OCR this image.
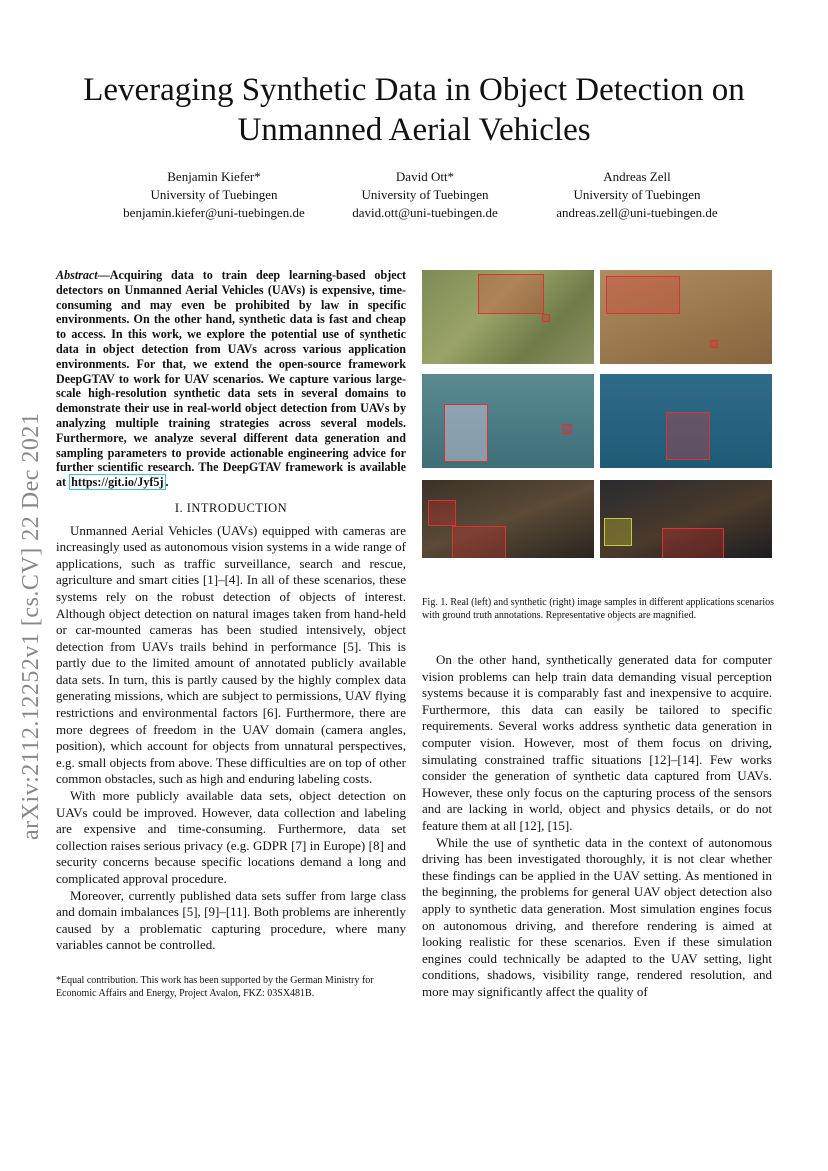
Leveraging Synthetic Data in Object Detection on Unmanned Aerial Vehicles
Benjamin Kiefer*
University of Tuebingen
benjamin.kiefer@uni-tuebingen.de
David Ott*
University of Tuebingen
david.ott@uni-tuebingen.de
Andreas Zell
University of Tuebingen
andreas.zell@uni-tuebingen.de
arXiv:2112.12252v1 [cs.CV] 22 Dec 2021

Abstract—Acquiring data to train deep learning-based object detectors on Unmanned Aerial Vehicles (UAVs) is expensive, time-consuming and may even be prohibited by law in specific environments. On the other hand, synthetic data is fast and cheap to access. In this work, we explore the potential use of synthetic data in object detection from UAVs across various application environments. For that, we extend the open-source framework DeepGTAV to work for UAV scenarios. We capture various large-scale high-resolution synthetic data sets in several domains to demonstrate their use in real-world object detection from UAVs by analyzing multiple training strategies across several models. Furthermore, we analyze several different data generation and sampling parameters to provide actionable engineering advice for further scientific research. The DeepGTAV framework is available at https://git.io/Jyf5j .

I. INTRODUCTION

Unmanned Aerial Vehicles (UAVs) equipped with cameras are increasingly used as autonomous vision systems in a wide range of applications, such as traffic surveillance, search and rescue, agriculture and smart cities [1]–[4]. In all of these scenarios, these systems rely on the robust detection of objects of interest. Although object detection on natural images taken from hand-held or car-mounted cameras has been studied intensively, object detection from UAVs trails behind in performance [5]. This is partly due to the limited amount of annotated publicly available data sets. In turn, this is partly caused by the highly complex data generating missions, which are subject to permissions, UAV flying restrictions and environmental factors [6]. Furthermore, there are more degrees of freedom in the UAV domain (camera angles, position), which account for objects from unnatural perspectives, e.g. small objects from above. These difficulties are on top of other common obstacles, such as high and enduring labeling costs.

With more publicly available data sets, object detection on UAVs could be improved. However, data collection and labeling are expensive and time-consuming. Furthermore, data set collection raises serious privacy (e.g. GDPR [7] in Europe) [8] and security concerns because specific locations demand a long and complicated approval procedure.

Moreover, currently published data sets suffer from large class and domain imbalances [5], [9]–[11]. Both problems are inherently caused by a problematic capturing procedure, where many variables cannot be controlled.

*Equal contribution. This work has been supported by the German Ministry for Economic Affairs and Energy, Project Avalon, FKZ: 03SX481B.
Fig. 1. Real (left) and synthetic (right) image samples in different applications scenarios with ground truth annotations. Representative objects are magnified.

On the other hand, synthetically generated data for computer vision problems can help train data demanding visual perception systems because it is comparably fast and inexpensive to acquire. Furthermore, this data can easily be tailored to specific requirements. Several works address synthetic data generation in computer vision. However, most of them focus on driving, simulating constrained traffic situations [12]–[14]. Few works consider the generation of synthetic data captured from UAVs. However, these only focus on the capturing process of the sensors and are lacking in world, object and physics details, or do not feature them at all [12], [15].

While the use of synthetic data in the context of autonomous driving has been investigated thoroughly, it is not clear whether these findings can be applied in the UAV setting. As mentioned in the beginning, the problems for general UAV object detection also apply to synthetic data generation. Most simulation engines focus on autonomous driving, and therefore rendering is aimed at looking realistic for these scenarios. Even if these simulation engines could technically be adapted to the UAV setting, light conditions, shadows, visibility range, rendered resolution, and more may significantly affect the quality of
